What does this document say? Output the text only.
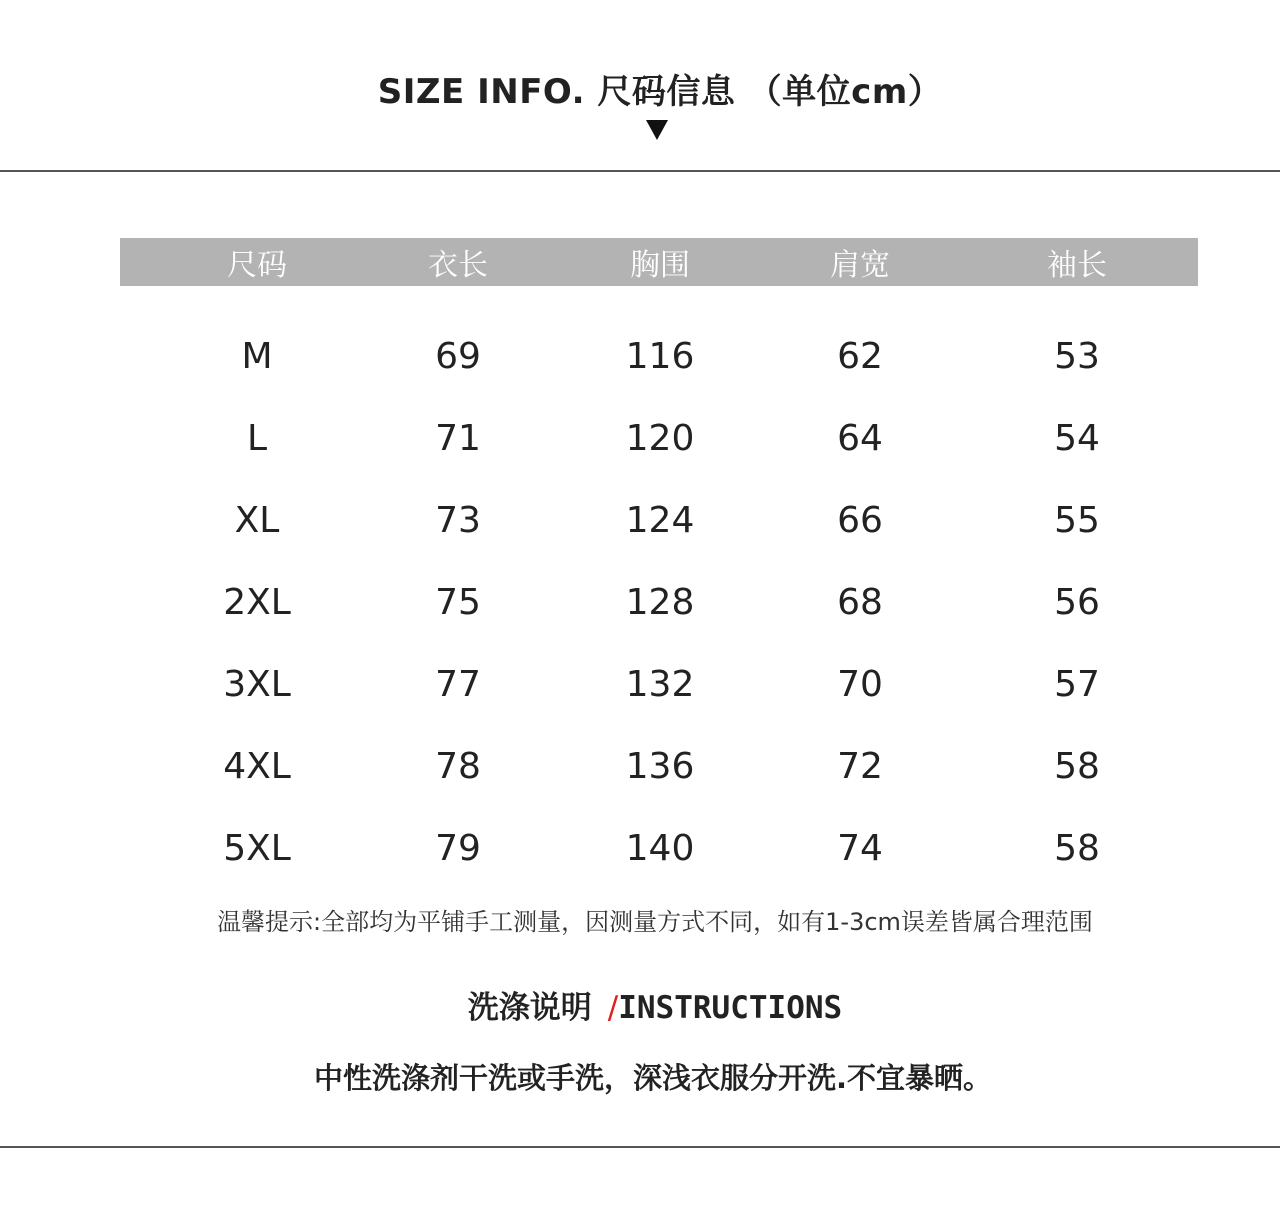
SIZE INFO. 尺码信息 （单位cm）
尺码	衣长	胸围	肩宽	袖长
M	69	116	62	53
L	71	120	64	54
XL	73	124	66	55
2XL	75	128	68	56
3XL	77	132	70	57
4XL	78	136	72	58
5XL	79	140	74	58
温馨提示:全部均为平铺手工测量，因测量方式不同，如有1-3cm误差皆属合理范围
洗涤说明 /INSTRUCTIONS
中性洗涤剂干洗或手洗，深浅衣服分开洗.不宜暴晒。
